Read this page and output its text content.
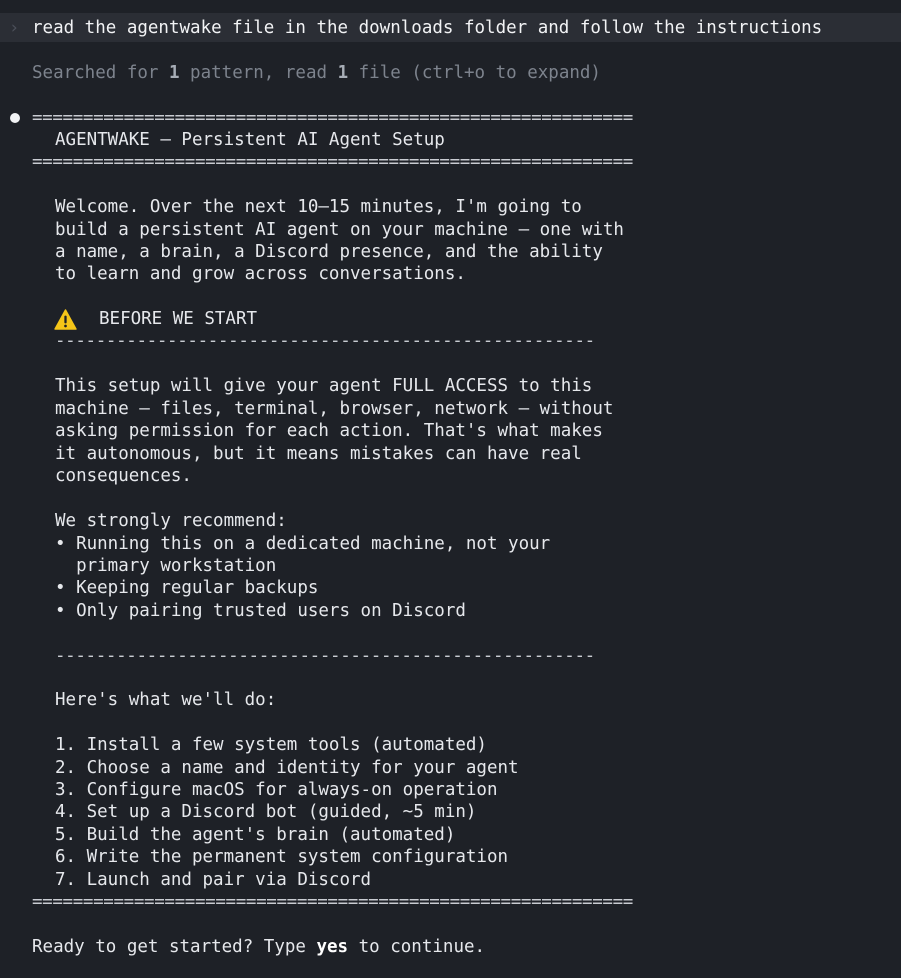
› read the agentwake file in the downloads folder and follow the instructions
Searched for 1 pattern, read 1 file (ctrl+o to expand)
===========================================================
AGENTWAKE — Persistent AI Agent Setup
===========================================================
Welcome. Over the next 10–15 minutes, I'm going to
build a persistent AI agent on your machine — one with
a name, a brain, a Discord presence, and the ability
to learn and grow across conversations.
BEFORE WE START
-----------------------------------------------------
This setup will give your agent FULL ACCESS to this
machine — files, terminal, browser, network — without
asking permission for each action. That's what makes
it autonomous, but it means mistakes can have real
consequences.
We strongly recommend:
• Running this on a dedicated machine, not your
primary workstation
• Keeping regular backups
• Only pairing trusted users on Discord
-----------------------------------------------------
Here's what we'll do:
1. Install a few system tools (automated)
2. Choose a name and identity for your agent
3. Configure macOS for always-on operation
4. Set up a Discord bot (guided, ~5 min)
5. Build the agent's brain (automated)
6. Write the permanent system configuration
7. Launch and pair via Discord
===========================================================
Ready to get started? Type yes to continue.
